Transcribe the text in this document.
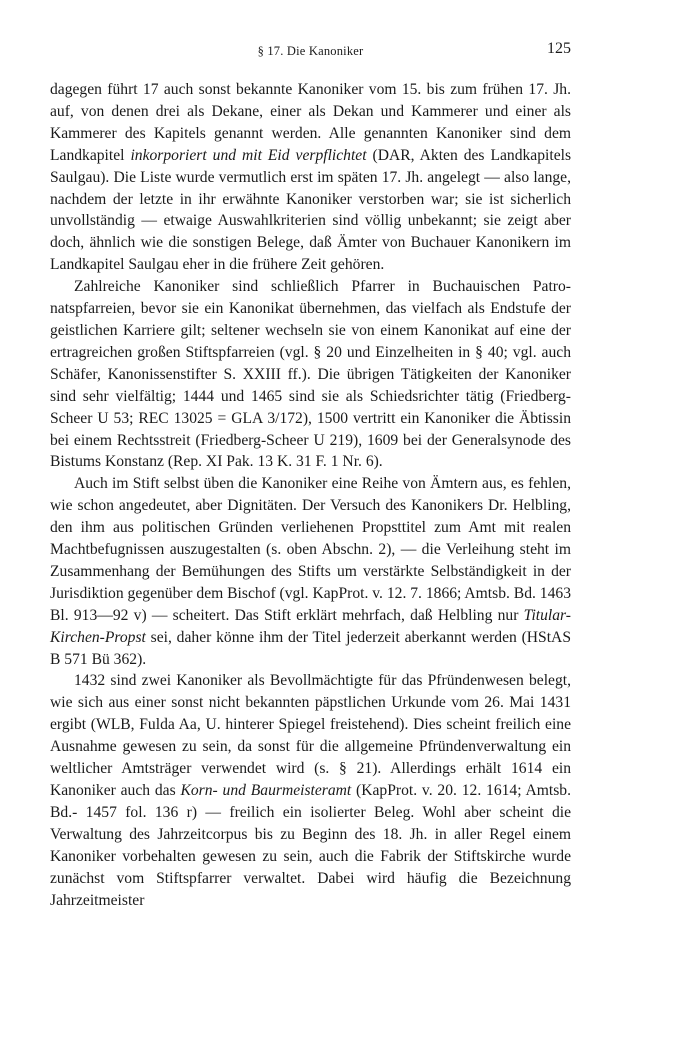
§ 17. Die Kanoniker	125

dagegen führt 17 auch sonst bekannte Kanoniker vom 15. bis zum frühen 17. Jh. auf, von denen drei als Dekane, einer als Dekan und Kammerer und einer als Kammerer des Kapitels genannt werden. Alle genannten Kanoniker sind dem Landkapitel inkorporiert und mit Eid verpflichtet (DAR, Akten des Landkapitels Saulgau). Die Liste wurde vermutlich erst im späten 17. Jh. angelegt — also lange, nachdem der letzte in ihr erwähnte Kanoniker verstorben war; sie ist sicherlich unvollständig — etwaige Auswahlkriterien sind völlig unbekannt; sie zeigt aber doch, ähnlich wie die sonstigen Belege, daß Ämter von Buchauer Kanonikern im Landkapitel Saulgau eher in die frühere Zeit gehören.

Zahlreiche Kanoniker sind schließlich Pfarrer in Buchauischen Patronatspfarreien, bevor sie ein Kanonikat übernehmen, das vielfach als Endstufe der geistlichen Karriere gilt; seltener wechseln sie von einem Kanonikat auf eine der ertragreichen großen Stiftspfarreien (vgl. § 20 und Einzelheiten in § 40; vgl. auch Schäfer, Kanonissenstifter S. XXIII ff.). Die übrigen Tätigkeiten der Kanoniker sind sehr vielfältig; 1444 und 1465 sind sie als Schiedsrichter tätig (Friedberg-Scheer U 53; REC 13025 = GLA 3/172), 1500 vertritt ein Kanoniker die Äbtissin bei einem Rechtsstreit (Friedberg-Scheer U 219), 1609 bei der Generalsynode des Bistums Konstanz (Rep. XI Pak. 13 K. 31 F. 1 Nr. 6).

Auch im Stift selbst üben die Kanoniker eine Reihe von Ämtern aus, es fehlen, wie schon angedeutet, aber Dignitäten. Der Versuch des Kanonikers Dr. Helbling, den ihm aus politischen Gründen verliehenen Propsttitel zum Amt mit realen Machtbefugnissen auszugestalten (s. oben Abschn. 2), — die Verleihung steht im Zusammenhang der Bemühungen des Stifts um verstärkte Selbständigkeit in der Jurisdiktion gegenüber dem Bischof (vgl. KapProt. v. 12. 7. 1866; Amtsb. Bd. 1463 Bl. 913—92 v) — scheitert. Das Stift erklärt mehrfach, daß Helbling nur Titular-Kirchen-Propst sei, daher könne ihm der Titel jederzeit aberkannt werden (HStAS B 571 Bü 362).

1432 sind zwei Kanoniker als Bevollmächtigte für das Pfründenwesen belegt, wie sich aus einer sonst nicht bekannten päpstlichen Urkunde vom 26. Mai 1431 ergibt (WLB, Fulda Aa, U. hinterer Spiegel freistehend). Dies scheint freilich eine Ausnahme gewesen zu sein, da sonst für die allgemeine Pfründenverwaltung ein weltlicher Amtsträger verwendet wird (s. § 21). Allerdings erhält 1614 ein Kanoniker auch das Korn- und Baurmeisteramt (KapProt. v. 20. 12. 1614; Amtsb. Bd.- 1457 fol. 136 r) — freilich ein isolierter Beleg. Wohl aber scheint die Verwaltung des Jahrzeitcorpus bis zu Beginn des 18. Jh. in aller Regel einem Kanoniker vorbehalten gewesen zu sein, auch die Fabrik der Stiftskirche wurde zunächst vom Stiftspfarrer verwaltet. Dabei wird häufig die Bezeichnung Jahrzeitmeister
